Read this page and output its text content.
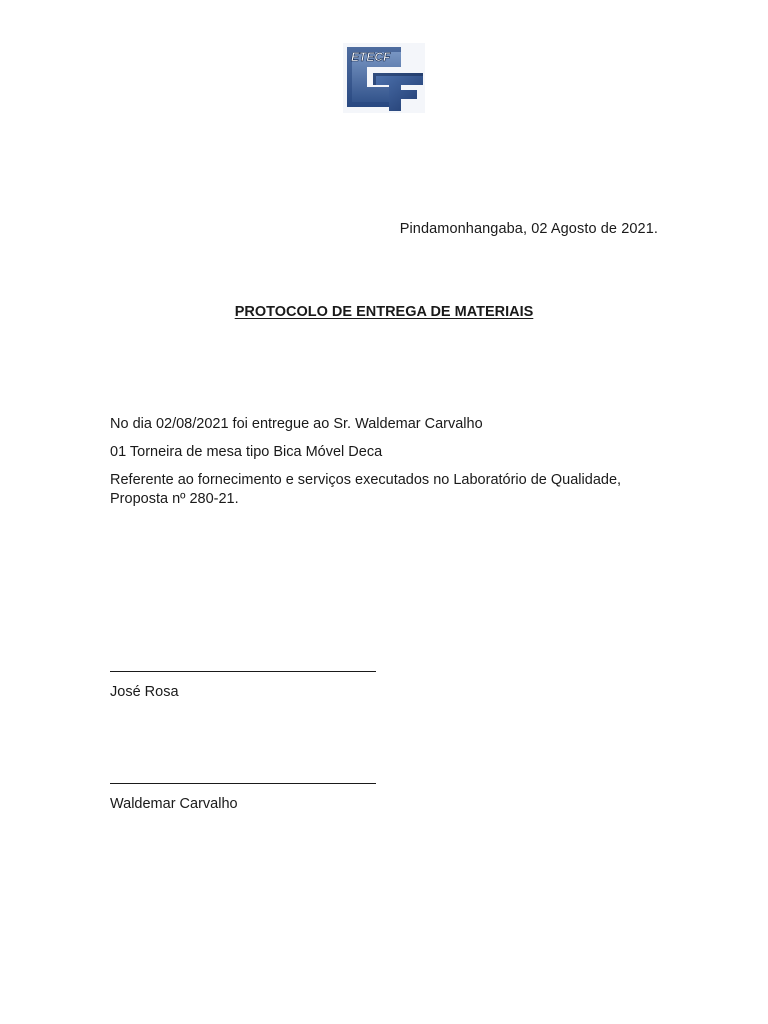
ETECF
Pindamonhangaba, 02 Agosto de 2021.
PROTOCOLO DE ENTREGA DE MATERIAIS
No dia 02/08/2021 foi entregue ao Sr. Waldemar Carvalho
01 Torneira de mesa tipo Bica Móvel Deca
Referente ao fornecimento e serviços executados no Laboratório de Qualidade, Proposta nº 280-21.
José Rosa
Waldemar Carvalho
